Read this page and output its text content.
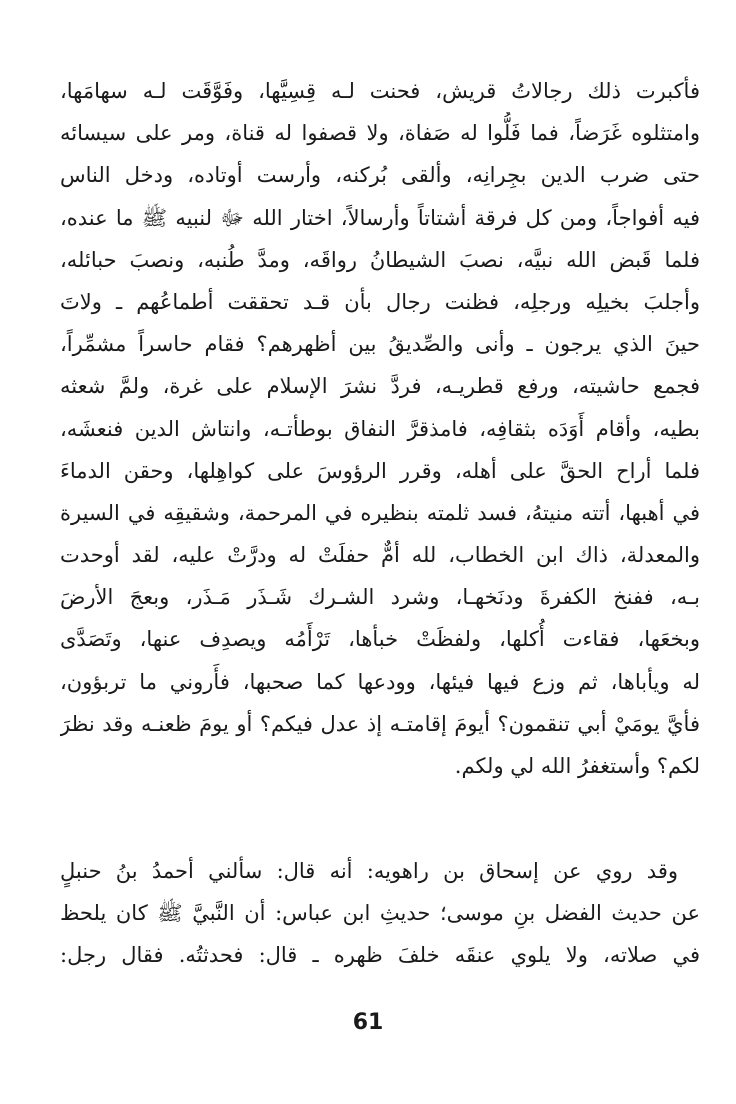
فأكبرت ذلك رجالاتُ قريش، فحنت لـه قِسِيَّها، وفَوَّقَت لـه سهامَها،
وامتثلوه غَرَضاً، فما فَلُّوا له صَفاة، ولا قصفوا له قناة، ومر على سيسائه
حتى ضرب الدين بجِرانِه، وألقى بُركنه، وأرست أوتاده، ودخل الناس
فيه أفواجاً، ومن كل فرقة أشتاتاً وأرسالاً، اختار الله ﷻ لنبيه ﷺ ما عنده،
فلما قَبض الله نبيَّه، نصبَ الشيطانُ رواقَه، ومدَّ طُنبه، ونصبَ حبائله،
وأجلبَ بخيلِه ورجلِه، فظنت رجال بأن قـد تحققت أطماعُهم ـ ولاتَ
حينَ الذي يرجون ـ وأنى والصِّديقُ بين أظهرهم؟ فقام حاسراً مشمِّراً،
فجمع حاشيته، ورفع قطريـه، فردَّ نشرَ الإسلام على غرة، ولمَّ شعثه
بطيه، وأقام أَوَدَه بثقافِه، فامذقرَّ النفاق بوطأتـه، وانتاش الدين فنعشَه،
فلما أراح الحقَّ على أهله، وقرر الرؤوسَ على كواهِلها، وحقن الدماءَ
في أهبها، أتته منيتهُ، فسد ثلمته بنظيره في المرحمة، وشقيقِه في السيرة
والمعدلة، ذاك ابن الخطاب، لله أمٌّ حفلَتْ له ودرَّتْ عليه، لقد أوحدت
بـه، ففنخ الكفرةَ ودنَخهـا، وشرد الشـرك شَـذَر مَـذَر، وبعجَ الأرضَ
وبخعَها، فقاءت أُكلها، ولفظَتْ خبأها، تَرْأَمُه ويصدِف عنها، وتَصَدَّى
له ويأباها، ثم وزع فيها فيئها، وودعها كما صحبها، فأَروني ما تربؤون،
فأيَّ يومَيْ أبي تنقمون؟ أيومَ إقامتـه إذ عدل فيكم؟ أو يومَ ظعنـه وقد نظرَ
لكم؟ وأستغفرُ الله لي ولكم.
وقد روي عن إسحاق بن راهويه: أنه قال: سألني أحمدُ بنُ حنبلٍ
عن حديث الفضل بنِ موسى؛ حديثِ ابن عباس: أن النَّبيَّ ﷺ كان يلحظ
في صلاته، ولا يلوي عنقَه خلفَ ظهره ـ قال: فحدثتُه. فقال رجل:
61
